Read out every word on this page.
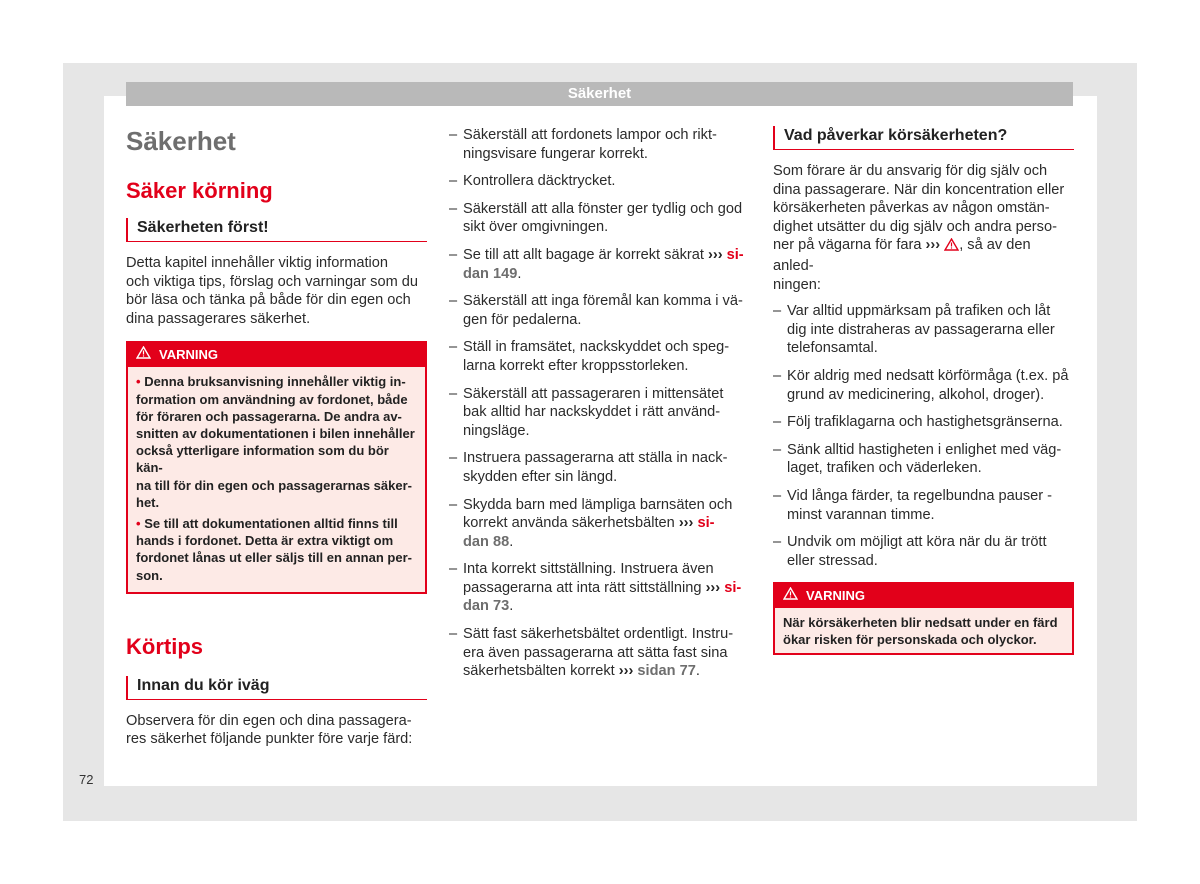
Säkerhet
72
Säkerhet
Säker körning
Säkerheten först!

Detta kapitel innehåller viktig information
och viktiga tips, förslag och varningar som du
bör läsa och tänka på både för din egen och
dina passagerares säkerhet.

VARNING
• Denna bruksanvisning innehåller viktig in-
formation om användning av fordonet, både
för föraren och passagerarna. De andra av-
snitten av dokumentationen i bilen innehåller
också ytterligare information som du bör kän-
na till för din egen och passagerarnas säker-
het.
• Se till att dokumentationen alltid finns till
hands i fordonet. Detta är extra viktigt om
fordonet lånas ut eller säljs till en annan per-
son.
Körtips
Innan du kör iväg

Observera för din egen och dina passagera-
res säkerhet följande punkter före varje färd:

– Säkerställ att fordonets lampor och rikt-
ningsvisare fungerar korrekt.
– Kontrollera däcktrycket.
– Säkerställ att alla fönster ger tydlig och god
sikt över omgivningen.
– Se till att allt bagage är korrekt säkrat ››› si-
dan 149.
– Säkerställ att inga föremål kan komma i vä-
gen för pedalerna.
– Ställ in framsätet, nackskyddet och speg-
larna korrekt efter kroppsstorleken.
– Säkerställ att passageraren i mittensätet
bak alltid har nackskyddet i rätt använd-
ningsläge.
– Instruera passagerarna att ställa in nack-
skydden efter sin längd.
– Skydda barn med lämpliga barnsäten och
korrekt använda säkerhetsbälten ››› si-
dan 88.
– Inta korrekt sittställning. Instruera även
passagerarna att inta rätt sittställning ››› si-
dan 73.
– Sätt fast säkerhetsbältet ordentligt. Instru-
era även passagerarna att sätta fast sina
säkerhetsbälten korrekt ››› sidan 77.
Vad påverkar körsäkerheten?

Som förare är du ansvarig för dig själv och
dina passagerare. När din koncentration eller
körsäkerheten påverkas av någon omstän-
dighet utsätter du dig själv och andra perso-
ner på vägarna för fara ››› , så av den anled-
ningen:

– Var alltid uppmärksam på trafiken och låt
dig inte distraheras av passagerarna eller
telefonsamtal.
– Kör aldrig med nedsatt körförmåga (t.ex. på
grund av medicinering, alkohol, droger).
– Följ trafiklagarna och hastighetsgränserna.
– Sänk alltid hastigheten i enlighet med väg-
laget, trafiken och väderleken.
– Vid långa färder, ta regelbundna pauser -
minst varannan timme.
– Undvik om möjligt att köra när du är trött
eller stressad.
VARNING
När körsäkerheten blir nedsatt under en färd
ökar risken för personskada och olyckor.
